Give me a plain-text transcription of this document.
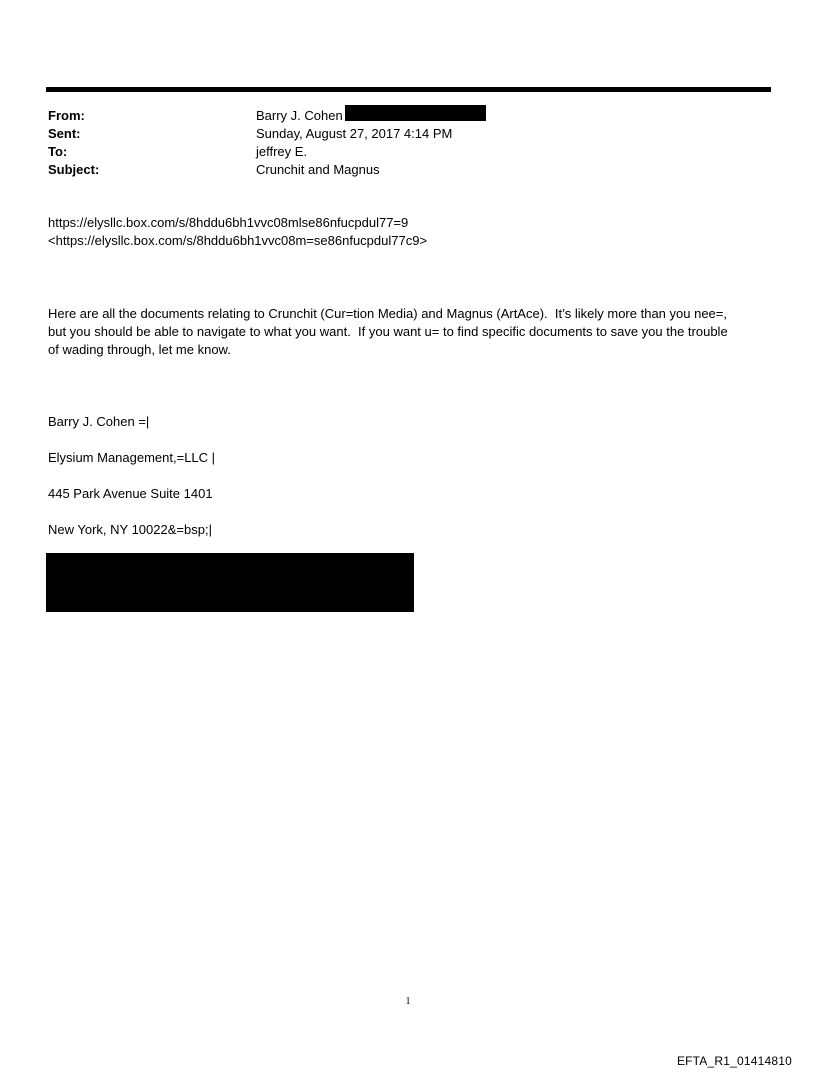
From:	Barry J. Cohen
Sent:	Sunday, August 27, 2017 4:14 PM
To:	jeffrey E.
Subject:	Crunchit and Magnus
https://elysllc.box.com/s/8hddu6bh1vvc08mlse86nfucpdul77=9
<https://elysllc.box.com/s/8hddu6bh1vvc08m=se86nfucpdul77c9>
Here are all the documents relating to Crunchit (Cur=tion Media) and Magnus (ArtAce).  It’s likely more than you nee=,
but you should be able to navigate to what you want.  If you want u= to find specific documents to save you the trouble
of wading through, let me know.
Barry J. Cohen =|
Elysium Management,=LLC |
445 Park Avenue Suite 1401
New York, NY 10022&=bsp;|
1
EFTA_R1_01414810
